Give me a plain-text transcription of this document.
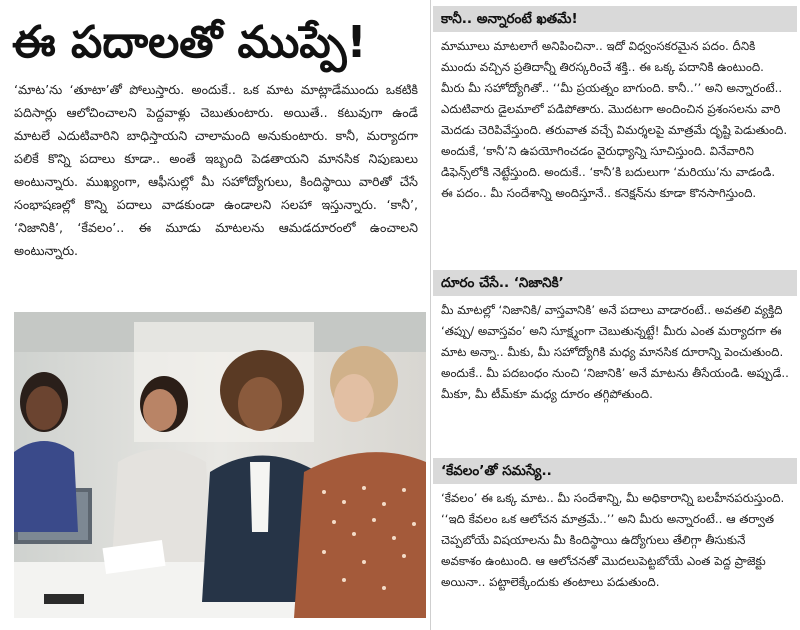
ఈ పదాలతో ముప్పే!
‘మాట’ను ‘తూటా’తో పోలుస్తారు. అందుకే.. ఒక మాట మాట్లాడేముందు ఒకటికి పదిసార్లు ఆలోచించాలని పెద్దవాళ్లు చెబుతుంటారు. అయితే.. కటువుగా ఉండే మాటలే ఎదుటివారిని బాధిస్తాయని చాలామంది అనుకుంటారు. కానీ, మర్యాదగా పలికే కొన్ని పదాలు కూడా.. అంతే ఇబ్బంది పెడతాయని మానసిక నిపుణులు అంటున్నారు. ముఖ్యంగా, ఆఫీసుల్లో మీ సహోద్యోగులు, కిందిస్థాయి వారితో చేసే సంభాషణల్లో కొన్ని పదాలు వాడకుండా ఉండాలని సలహా ఇస్తున్నారు. ‘కానీ’, ‘నిజానికి’, ‘కేవలం’.. ఈ మూడు మాటలను ఆమడదూరంలో ఉంచాలని అంటున్నారు.
కానీ.. అన్నారంటే ఖతమే!

మామూలు మాటలాగే అనిపించినా.. ఇదో విధ్వంసకరమైన పదం. దీనికి ముందు వచ్చిన ప్రతిదాన్నీ తిరస్కరించే శక్తి.. ఈ ఒక్క పదానికి ఉంటుంది. మీరు మీ సహోద్యోగితో.. ‘‘మీ ప్రయత్నం బాగుంది. కానీ..’’ అని అన్నారంటే.. ఎదుటివారు డైలమాలో పడిపోతారు. మొదటగా అందించిన ప్రశంసలను వారి మెదడు చెరిపివేస్తుంది. తరువాత వచ్చే విమర్శలపై మాత్రమే దృష్టి పెడుతుంది. అందుకే, ‘కానీ’ని ఉపయోగించడం వైరుధ్యాన్ని సూచిస్తుంది. వినేవారిని డిఫెన్స్‌లోకి నెట్టేస్తుంది. అందుకే.. ‘కానీ’కి బదులుగా ‘మరియు’ను వాడండి. ఈ పదం.. మీ సందేశాన్ని అందిస్తూనే.. కనెక్షన్‌ను కూడా కొనసాగిస్తుంది.

దూరం చేసే.. ‘నిజానికి’

మీ మాటల్లో ‘నిజానికి/ వాస్తవానికి’ అనే పదాలు వాడారంటే.. అవతలి వ్యక్తిది ‘తప్పు/ అవాస్తవం’ అని సూక్ష్మంగా చెబుతున్నట్టే! మీరు ఎంత మర్యాదగా ఈ మాట అన్నా.. మీకు, మీ సహోద్యోగికి మధ్య మానసిక దూరాన్ని పెంచుతుంది. అందుకే.. మీ పదబంధం నుంచి ‘నిజానికి’ అనే మాటను తీసేయండి. అప్పుడే.. మీకూ, మీ టీమ్‌కూ మధ్య దూరం తగ్గిపోతుంది.

‘కేవలం’తో సమస్యే..

‘కేవలం’ ఈ ఒక్క మాట.. మీ సందేశాన్ని, మీ అధికారాన్ని బలహీనపరుస్తుంది. ‘‘ఇది కేవలం ఒక ఆలోచన మాత్రమే..’’ అని మీరు అన్నారంటే.. ఆ తర్వాత చెప్పబోయే విషయాలను మీ కిందిస్థాయి ఉద్యోగులు తేలిగ్గా తీసుకునే అవకాశం ఉంటుంది. ఆ ఆలోచనతో మొదలుపెట్టబోయే ఎంత పెద్ద ప్రాజెక్టు అయినా.. పట్టాలెక్కేందుకు తంటాలు పడుతుంది.
